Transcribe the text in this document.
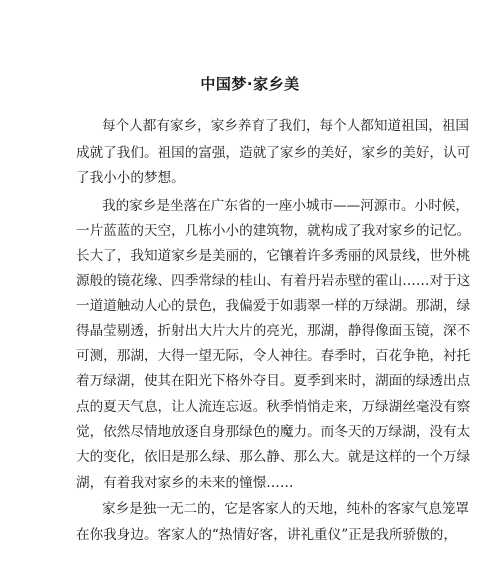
中国梦·家乡美
每个人都有家乡，家乡养育了我们，每个人都知道祖国，祖国
成就了我们。祖国的富强，造就了家乡的美好，家乡的美好，认可
了我小小的梦想。
我的家乡是坐落在广东省的一座小城市——河源市。小时候，
一片蓝蓝的天空，几栋小小的建筑物，就构成了我对家乡的记忆。
长大了，我知道家乡是美丽的，它镶着许多秀丽的风景线，世外桃
源般的镜花缘、四季常绿的桂山、有着丹岩赤壁的霍山……对于这
一道道触动人心的景色，我偏爱于如翡翠一样的万绿湖。那湖，绿
得晶莹剔透，折射出大片大片的亮光，那湖，静得像面玉镜，深不
可测，那湖，大得一望无际，令人神往。春季时，百花争艳，衬托
着万绿湖，使其在阳光下格外夺目。夏季到来时，湖面的绿透出点
点的夏天气息，让人流连忘返。秋季悄悄走来，万绿湖丝毫没有察
觉，依然尽情地放逐自身那绿色的魔力。而冬天的万绿湖，没有太
大的变化，依旧是那么绿、那么静、那么大。就是这样的一个万绿
湖，有着我对家乡的未来的憧憬……
家乡是独一无二的，它是客家人的天地，纯朴的客家气息笼罩
在你我身边。客家人的“热情好客，讲礼重仪”正是我所骄傲的，
